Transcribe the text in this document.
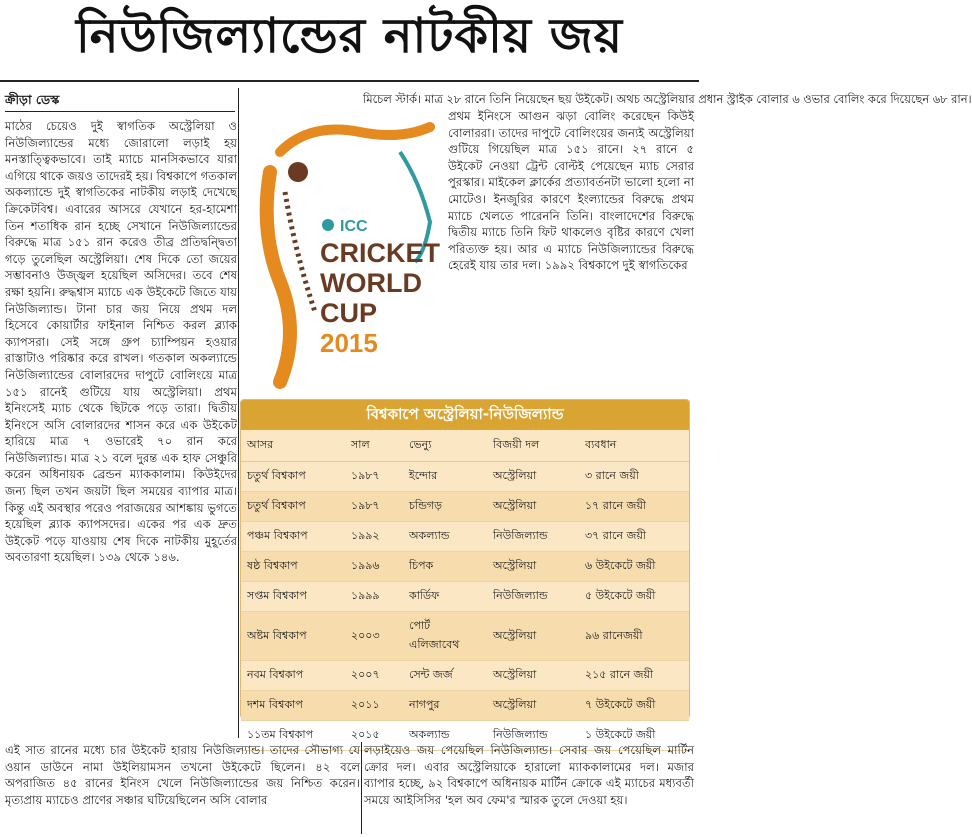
নিউজিল্যান্ডের নাটকীয় জয়
ক্রীড়া ডেস্ক
মাঠের চেয়েও দুই স্বাগতিক অস্ট্রেলিয়া ও নিউজিল্যান্ডের মধ্যে জোরালো লড়াই হয় মনস্তাত্ত্বিকভাবে। তাই ম্যাচে মানসিকভাবে যারা এগিয়ে থাকে জয়ও তাদেরই হয়। বিশ্বকাপে গতকাল অকল্যান্ডে দুই স্বাগতিকের নাটকীয় লড়াই দেখেছে ক্রিকেটবিশ্ব। এবারের আসরে যেখানে হর-হামেশা তিন শতাধিক রান হচ্ছে সেখানে নিউজিল্যান্ডের বিরুদ্ধে মাত্র ১৫১ রান করেও তীব্র প্রতিদ্বন্দ্বিতা গড়ে তুলেছিল অস্ট্রেলিয়া। শেষ দিকে তো জয়ের সম্ভাবনাও উজ্জ্বল হয়েছিল অসিদের। তবে শেষ রক্ষা হয়নি। রুদ্ধশ্বাস ম্যাচে এক উইকেটে জিতে যায় নিউজিল্যান্ড। টানা চার জয় নিয়ে প্রথম দল হিসেবে কোয়ার্টার ফাইনাল নিশ্চিত করল ব্ল্যাক ক্যাপসরা। সেই সঙ্গে গ্রুপ চ্যাম্পিয়ন হওয়ার রাস্তাটাও পরিষ্কার করে রাখল। গতকাল অকল্যান্ডে নিউজিল্যান্ডের বোলারদের দাপুটে বোলিংয়ে মাত্র ১৫১ রানেই গুটিয়ে যায় অস্ট্রেলিয়া। প্রথম ইনিংসেই ম্যাচ থেকে ছিটকে পড়ে তারা। দ্বিতীয় ইনিংসে অসি বোলারদের শাসন করে এক উইকেট হারিয়ে মাত্র ৭ ওভারেই ৭০ রান করে নিউজিল্যান্ড। মাত্র ২১ বলে দুরন্ত এক হাফ সেঞ্চুরি করেন অধিনায়ক ব্রেন্ডন ম্যাককালাম। কিউইদের জন্য ছিল তখন জয়টা ছিল সময়ের ব্যাপার মাত্র। কিন্তু এই অবস্থার পরেও পরাজয়ের আশঙ্কায় ভুগতে হয়েছিল ব্ল্যাক ক্যাপসদের। একের পর এক দ্রুত উইকেট পড়ে যাওয়ায় শেষ দিকে নাটকীয় মুহূর্তের অবতারণা হয়েছিল। ১৩৯ থেকে ১৪৬.
মিচেল স্টার্ক। মাত্র ২৮ রানে তিনি নিয়েছেন ছয় উইকেট। অথচ অস্ট্রেলিয়ার প্রধান স্ট্রাইক বোলার ৬ ওভার বোলিং করে দিয়েছেন ৬৮ রান।
ICC
CRICKET
WORLD
CUP
2015
প্রথম ইনিংসে আগুন ঝড়া বোলিং করেছেন কিউই বোলাররা। তাদের দাপুটে বোলিংয়ের জন্যই অস্ট্রেলিয়া গুটিয়ে গিয়েছিল মাত্র ১৫১ রানে। ২৭ রানে ৫ উইকেট নেওয়া ট্রেন্ট বোল্টই পেয়েছেন ম্যাচ সেরার পুরস্কার। মাইকেল ক্লার্কের প্রত্যাবর্তনটা ভালো হলো না মোটেও। ইনজুরির কারণে ইংল্যান্ডের বিরুদ্ধে প্রথম ম্যাচে খেলতে পারেননি তিনি। বাংলাদেশের বিরুদ্ধে দ্বিতীয় ম্যাচে তিনি ফিট থাকলেও বৃষ্টির কারণে খেলা পরিত্যক্ত হয়। আর এ ম্যাচে নিউজিল্যান্ডের বিরুদ্ধে হেরেই যায় তার দল। ১৯৯২ বিশ্বকাপে দুই স্বাগতিকের
বিশ্বকাপে অস্ট্রেলিয়া-নিউজিল্যান্ড
আসর	সাল	ভেন্যু	বিজয়ী দল	ব্যবধান
চতুর্থ বিশ্বকাপ	১৯৮৭	ইন্দোর	অস্ট্রেলিয়া	৩ রানে জয়ী
চতুর্থ বিশ্বকাপ	১৯৮৭	চন্ডিগড়	অস্ট্রেলিয়া	১৭ রানে জয়ী
পঞ্চম বিশ্বকাপ	১৯৯২	অকল্যান্ড	নিউজিল্যান্ড	৩৭ রানে জয়ী
ষষ্ঠ বিশ্বকাপ	১৯৯৬	চিপক	অস্ট্রেলিয়া	৬ উইকেটে জয়ী
সপ্তম বিশ্বকাপ	১৯৯৯	কার্ডিফ	নিউজিল্যান্ড	৫ উইকেটে জয়ী
অষ্টম বিশ্বকাপ	২০০৩	পোর্ট এলিজাবেথ	অস্ট্রেলিয়া	৯৬ রানেজয়ী
নবম বিশ্বকাপ	২০০৭	সেন্ট জর্জ	অস্ট্রেলিয়া	২১৫ রানে জয়ী
দশম বিশ্বকাপ	২০১১	নাগপুর	অস্ট্রেলিয়া	৭ উইকেটে জয়ী
১১তম বিশ্বকাপ	২০১৫	অকল্যান্ড	নিউজিল্যান্ড	১ উইকেটে জয়ী
এই সাত রানের মধ্যে চার উইকেট হারায় নিউজিল্যান্ড। তাদের সৌভাগ্য যে ওয়ান ডাউনে নামা উইলিয়ামসন তখনো উইকেটে ছিলেন। ৪২ বলে অপরাজিত ৪৫ রানের ইনিংস খেলে নিউজিল্যান্ডের জয় নিশ্চিত করেন। মৃত্যপ্রায় ম্যাচেও প্রাণের সঞ্চার ঘটিয়েছিলেন অসি বোলার
লড়াইয়েও জয় পেয়েছিল নিউজিল্যান্ড। সেবার জয় পেয়েছিল মার্টিন ক্রোর দল। এবার অস্ট্রেলিয়াকে হারালো ম্যাককালামের দল। মজার ব্যাপার হচ্ছে, ৯২ বিশ্বকাপে অধিনায়ক মার্টিন ক্রোকে এই ম্যাচের মধ্যবর্তী সময়ে আইসিসির 'হল অব ফেম'র স্মারক তুলে দেওয়া হয়।
